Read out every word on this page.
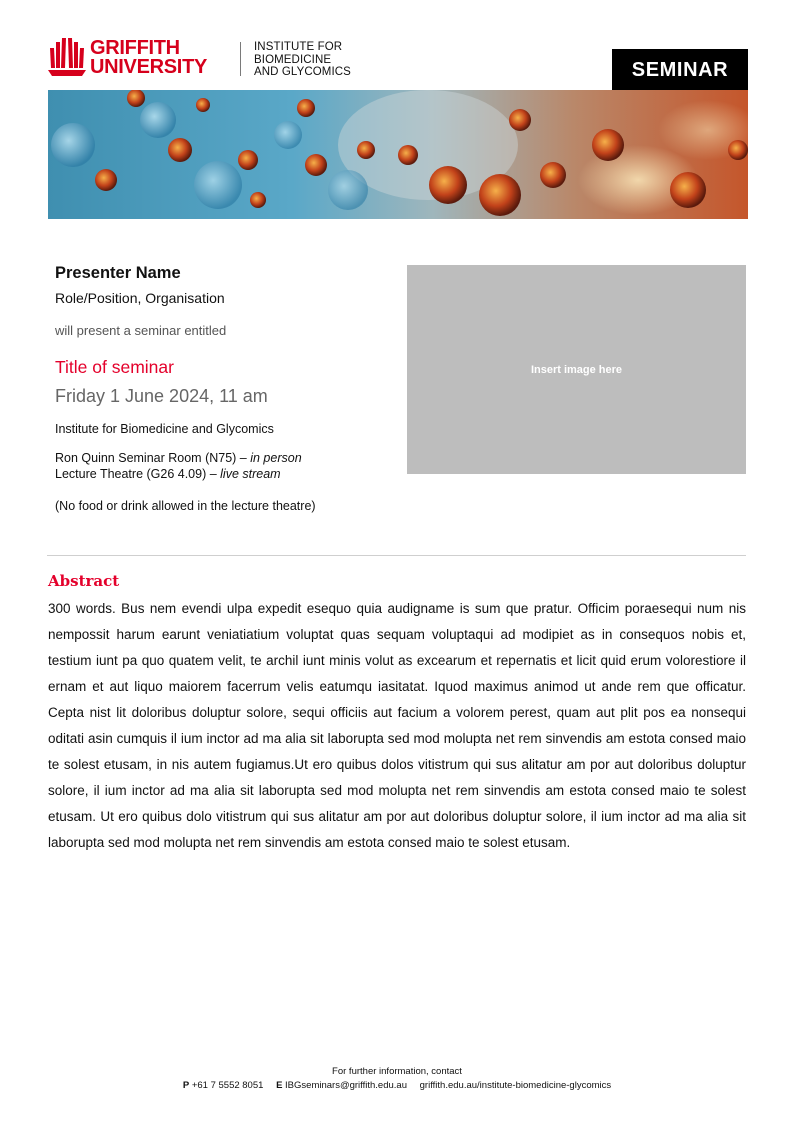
GRIFFITH
UNIVERSITY
INSTITUTE FOR
BIOMEDICINE
AND GLYCOMICS	SEMINAR
Presenter Name
Role/Position, Organisation
will present a seminar entitled
Title of seminar
Friday 1 June 2024, 11 am
Institute for Biomedicine and Glycomics
Ron Quinn Seminar Room (N75) – in person
Lecture Theatre (G26 4.09) – live stream
(No food or drink allowed in the lecture theatre)
Insert image here
Abstract
300 words. Bus nem evendi ulpa expedit esequo quia audigname is sum que pratur. Officim poraesequi num nis nempossit harum earunt veniatiatium voluptat quas sequam voluptaqui ad modipiet as in consequos nobis et, testium iunt pa quo quatem velit, te archil iunt minis volut as excearum et repernatis et licit quid erum volorestiore il ernam et aut liquo maiorem facerrum velis eatumqu iasitatat. Iquod maximus animod ut ande rem que officatur. Cepta nist lit doloribus doluptur solore, sequi officiis aut facium a volorem perest, quam aut plit pos ea nonsequi oditati asin cumquis il ium inctor ad ma alia sit laborupta sed mod molupta net rem sinvendis am estota consed maio te solest etusam, in nis autem fugiamus.Ut ero quibus dolos vitistrum qui sus alitatur am por aut doloribus doluptur solore, il ium inctor ad ma alia sit laborupta sed mod molupta net rem sinvendis am estota consed maio te solest etusam. Ut ero quibus dolo vitistrum qui sus alitatur am por aut doloribus doluptur solore, il ium inctor ad ma alia sit laborupta sed mod molupta net rem sinvendis am estota consed maio te solest etusam.
For further information, contact
P +61 7 5552 8051 E IBGseminars@griffith.edu.au griffith.edu.au/institute-biomedicine-glycomics
